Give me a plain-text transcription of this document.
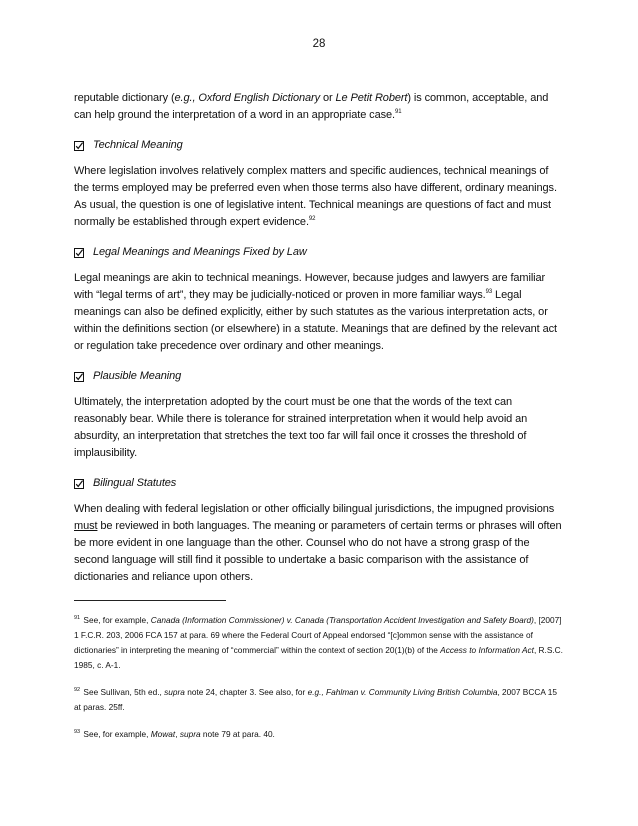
28

reputable dictionary (e.g., Oxford English Dictionary or Le Petit Robert) is common, acceptable, and can help ground the interpretation of a word in an appropriate case.$^{91}$

Technical Meaning

Where legislation involves relatively complex matters and specific audiences, technical meanings of the terms employed may be preferred even when those terms also have different, ordinary meanings. As usual, the question is one of legislative intent. Technical meanings are questions of fact and must normally be established through expert evidence.$^{92}$

Legal Meanings and Meanings Fixed by Law

Legal meanings are akin to technical meanings. However, because judges and lawyers are familiar with “legal terms of art”, they may be judicially-noticed or proven in more familiar ways.$^{93}$ Legal meanings can also be defined explicitly, either by such statutes as the various interpretation acts, or within the definitions section (or elsewhere) in a statute. Meanings that are defined by the relevant act or regulation take precedence over ordinary and other meanings.

Plausible Meaning

Ultimately, the interpretation adopted by the court must be one that the words of the text can reasonably bear. While there is tolerance for strained interpretation when it would help avoid an absurdity, an interpretation that stretches the text too far will fail once it crosses the threshold of implausibility.

Bilingual Statutes

When dealing with federal legislation or other officially bilingual jurisdictions, the impugned provisions must be reviewed in both languages. The meaning or parameters of certain terms or phrases will often be more evident in one language than the other. Counsel who do not have a strong grasp of the second language will still find it possible to undertake a basic comparison with the assistance of dictionaries and reliance upon others.

$^{91}$ See, for example, Canada (Information Commissioner) v. Canada (Transportation Accident Investigation and Safety Board), [2007] 1 F.C.R. 203, 2006 FCA 157 at para. 69 where the Federal Court of Appeal endorsed “[c]ommon sense with the assistance of dictionaries” in interpreting the meaning of “commercial” within the context of section 20(1)(b) of the Access to Information Act, R.S.C. 1985, c. A-1.
$^{92}$ See Sullivan, 5th ed., supra note 24, chapter 3. See also, for e.g., Fahlman v. Community Living British Columbia, 2007 BCCA 15 at paras. 25ff.
$^{93}$ See, for example, Mowat, supra note 79 at para. 40.
